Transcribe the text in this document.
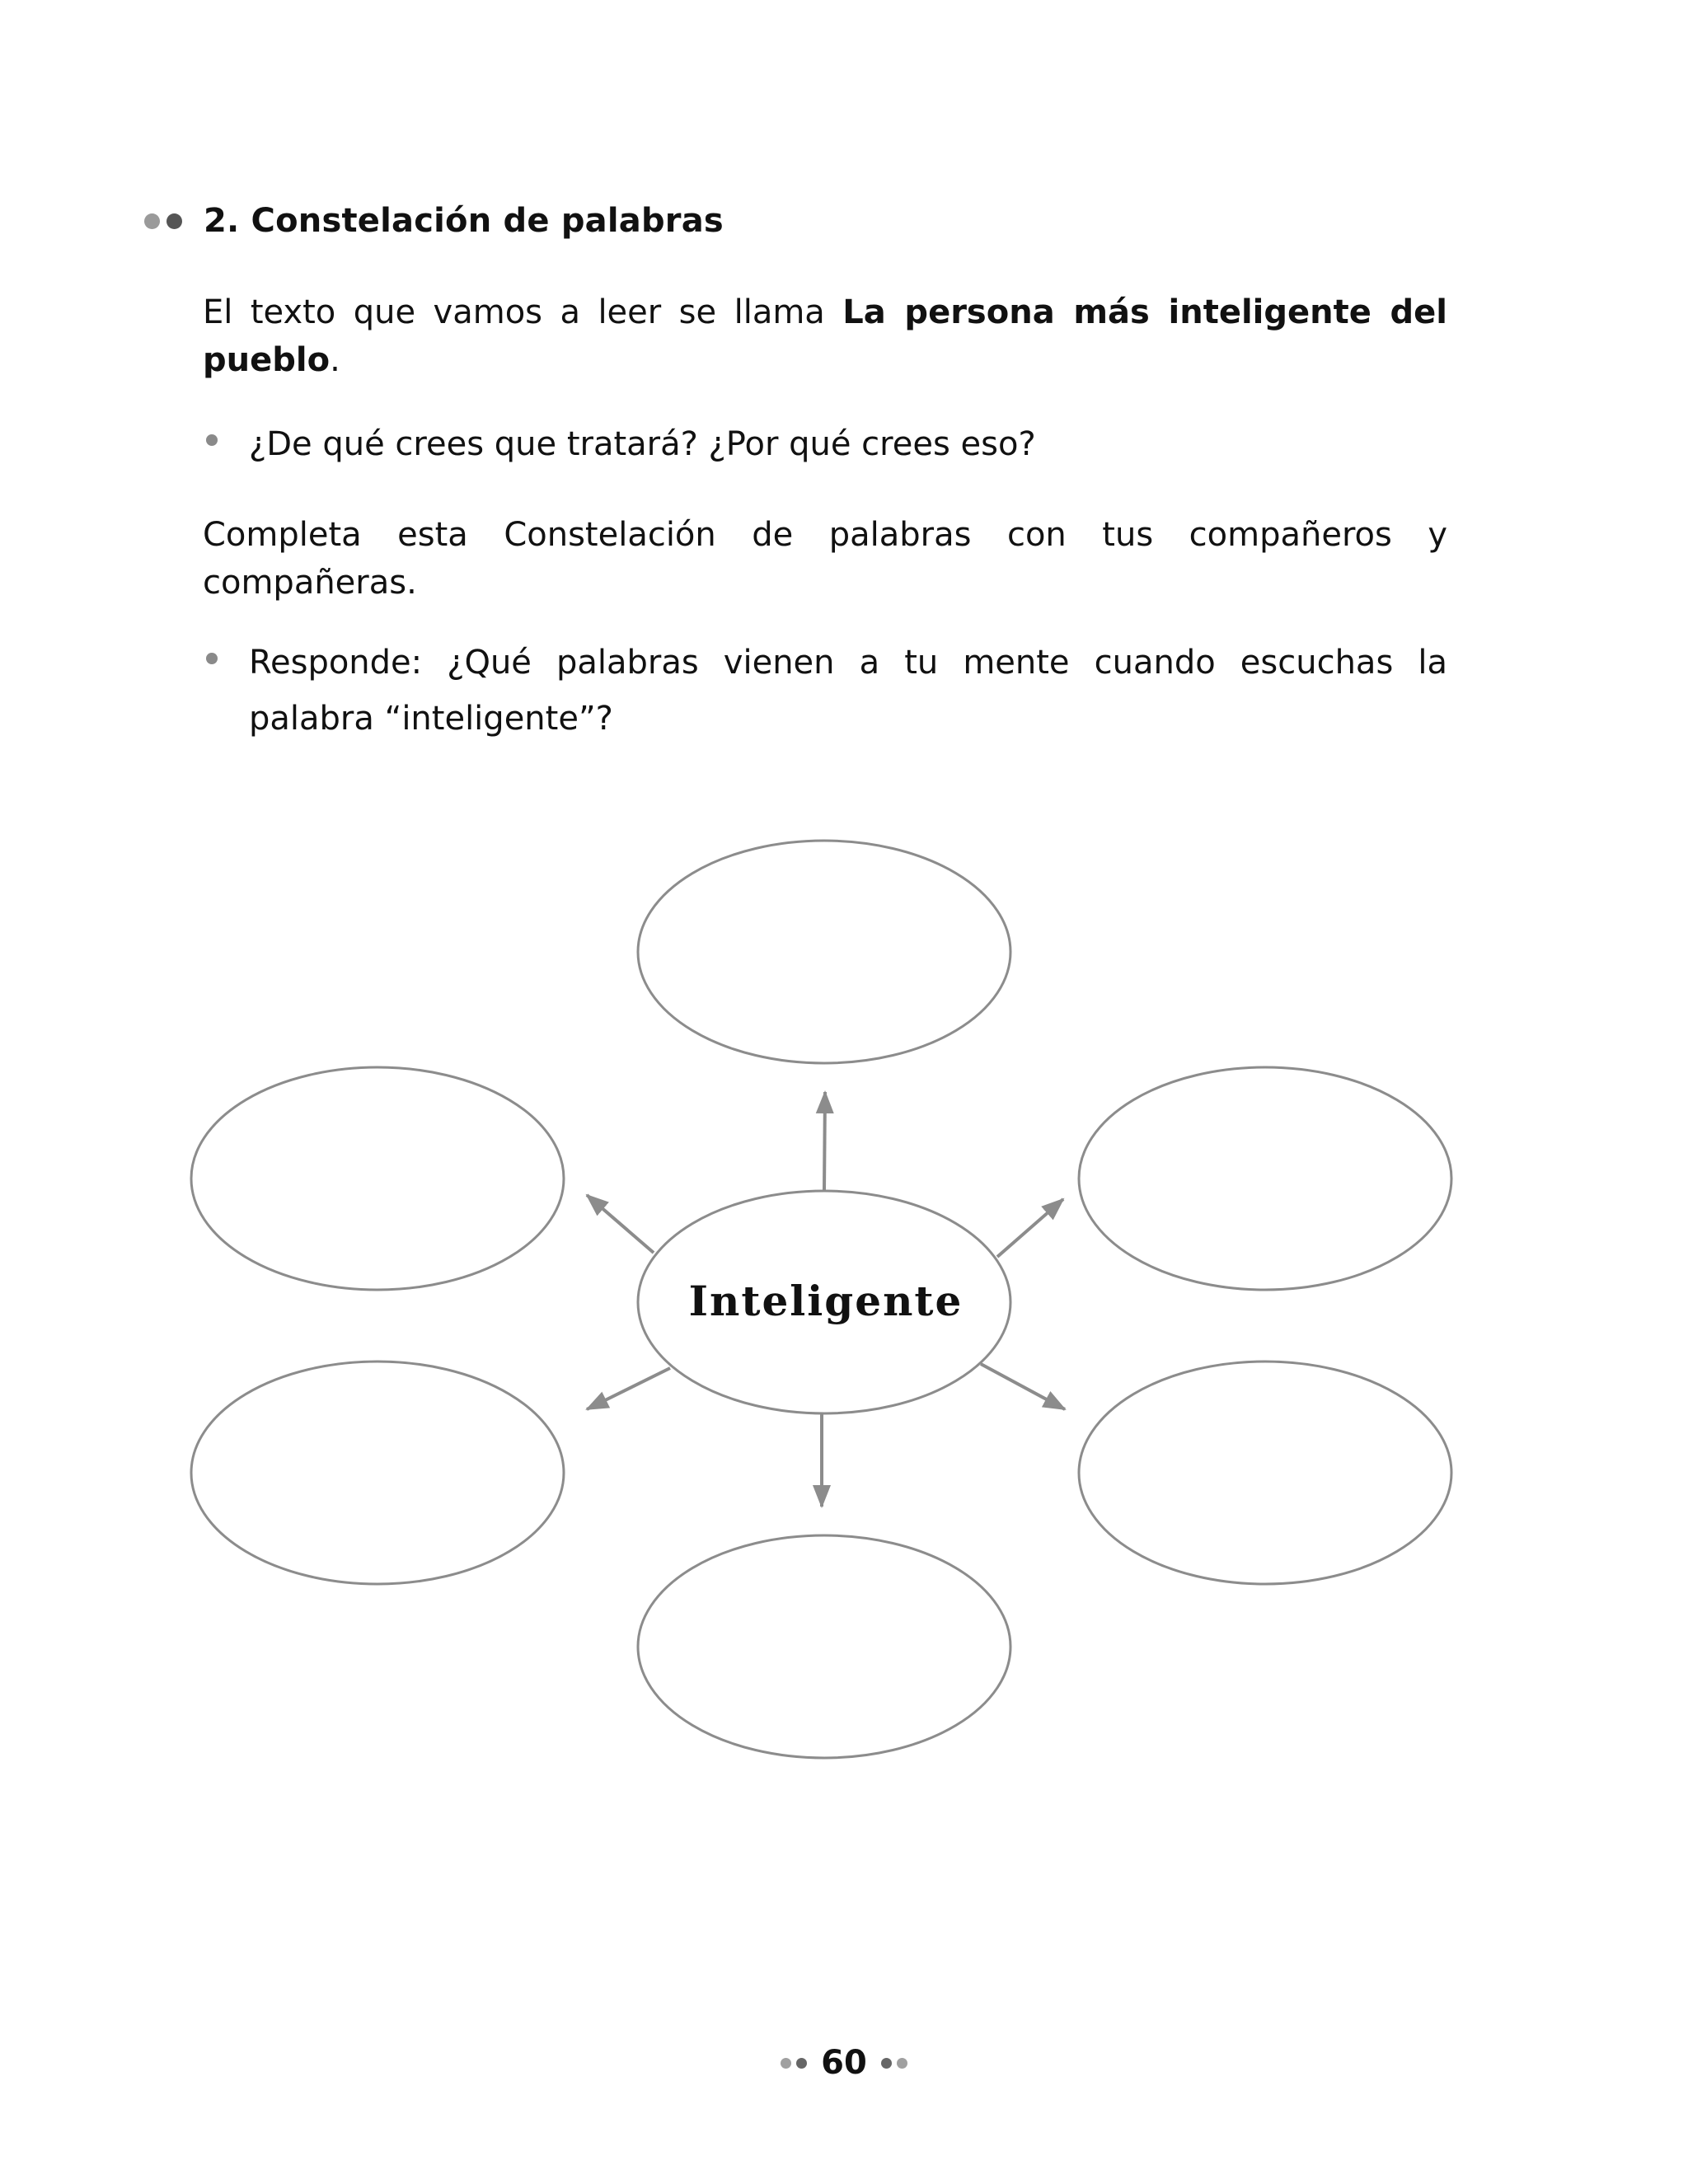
2. Constelación de palabras

El texto que vamos a leer se llama La persona más inteligente del pueblo.

¿De qué crees que tratará? ¿Por qué crees eso?

Completa esta Constelación de palabras con tus compañeros y compañeras.

Responde: ¿Qué palabras vienen a tu mente cuando escuchas la palabra “inteligente”?

Inteligente
60
